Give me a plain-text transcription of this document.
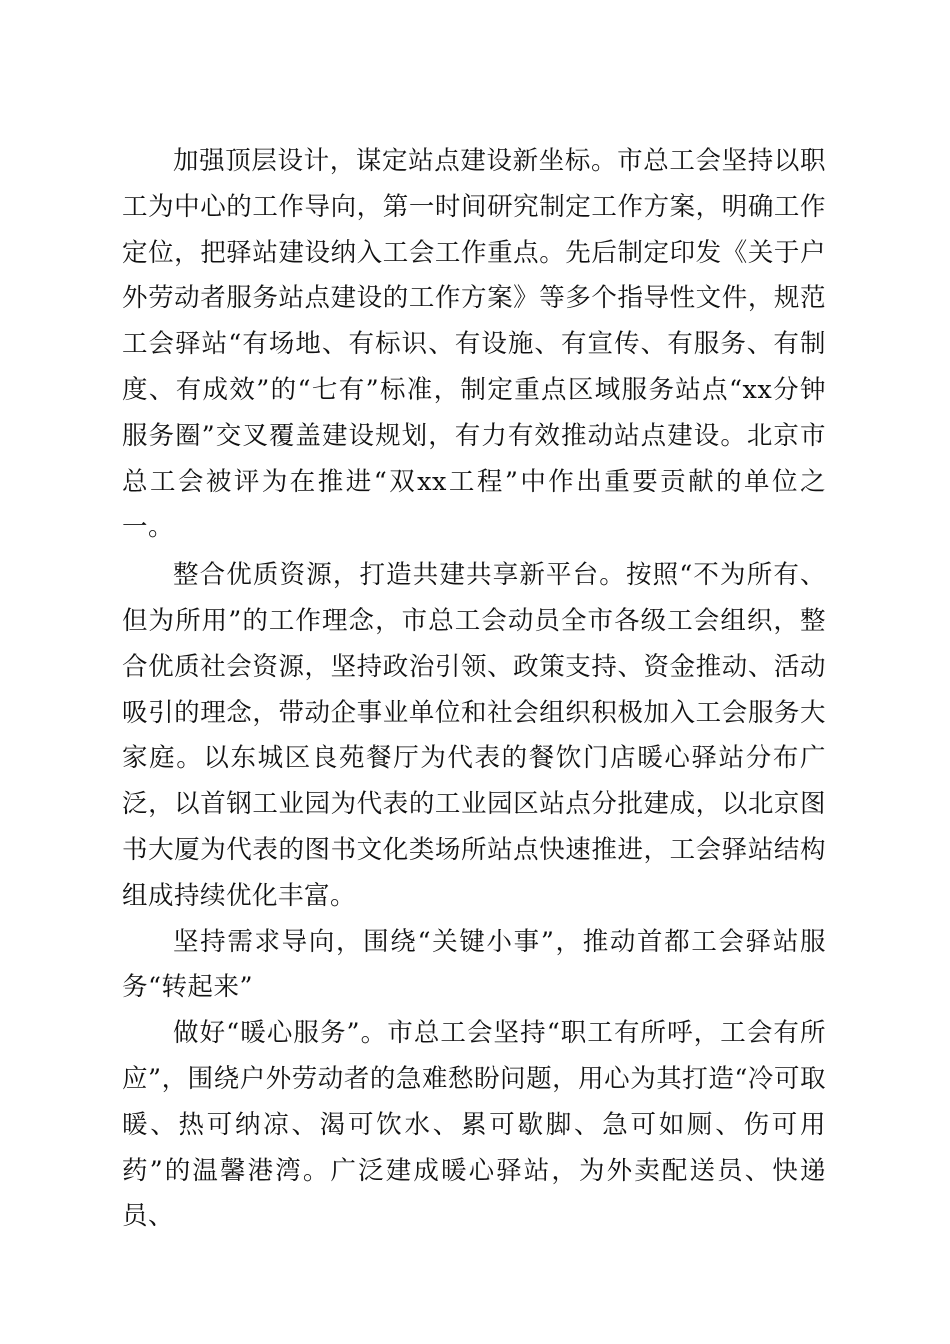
加强顶层设计，谋定站点建设新坐标。市总工会坚持以职工为中心的工作导向，第一时间研究制定工作方案，明确工作定位，把驿站建设纳入工会工作重点。先后制定印发《关于户外劳动者服务站点建设的工作方案》等多个指导性文件，规范工会驿站“有场地、有标识、有设施、有宣传、有服务、有制度、有成效”的“七有”标准，制定重点区域服务站点“xx分钟服务圈”交叉覆盖建设规划，有力有效推动站点建设。北京市总工会被评为在推进“双xx工程”中作出重要贡献的单位之一。

整合优质资源，打造共建共享新平台。按照“不为所有、但为所用”的工作理念，市总工会动员全市各级工会组织，整合优质社会资源，坚持政治引领、政策支持、资金推动、活动吸引的理念，带动企事业单位和社会组织积极加入工会服务大家庭。以东城区良苑餐厅为代表的餐饮门店暖心驿站分布广泛，以首钢工业园为代表的工业园区站点分批建成，以北京图书大厦为代表的图书文化类场所站点快速推进，工会驿站结构组成持续优化丰富。

坚持需求导向，围绕“关键小事”，推动首都工会驿站服务“转起来”

做好“暖心服务”。市总工会坚持“职工有所呼，工会有所应”，围绕户外劳动者的急难愁盼问题，用心为其打造“冷可取暖、热可纳凉、渴可饮水、累可歇脚、急可如厕、伤可用药”的温馨港湾。广泛建成暖心驿站，为外卖配送员、快递员、
